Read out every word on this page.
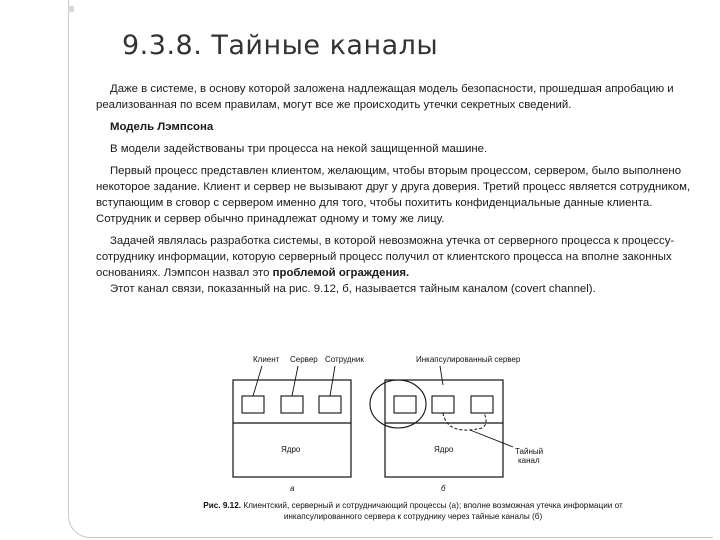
9.3.8. Тайные каналы

Даже в системе, в основу которой заложена надлежащая модель безопасности, прошедшая апробацию и реализованная по всем правилам, могут все же происходить утечки секретных сведений.

Модель Лэмпсона

В модели задействованы три процесса на некой защищенной машине.

Первый процесс представлен клиентом, желающим, чтобы вторым процессом, сервером, было выполнено некоторое задание. Клиент и сервер не вызывают друг у друга доверия. Третий процесс является сотрудником, вступающим в сговор с сервером именно для того, чтобы похитить конфиденциальные данные клиента. Сотрудник и сервер обычно принадлежат одному и тому же лицу.

Задачей являлась разработка системы, в которой невозможна утечка от серверного процесса к процессу-сотруднику информации, которую серверный процесс получил от клиентского процесса на вполне законных основаниях. Лэмпсон назвал это проблемой ограждения.

Этот канал связи, показанный на рис. 9.12, б, называется тайным каналом (covert channel).

Клиент Сервер Сотрудник
Ядро
а
Инкапсулированный сервер
Ядро	Тайный
канал
б
Рис. 9.12. Клиентский, серверный и сотрудничающий процессы (а); вполне возможная утечка информации от инкапсулированного сервера к сотруднику через тайные каналы (б)
